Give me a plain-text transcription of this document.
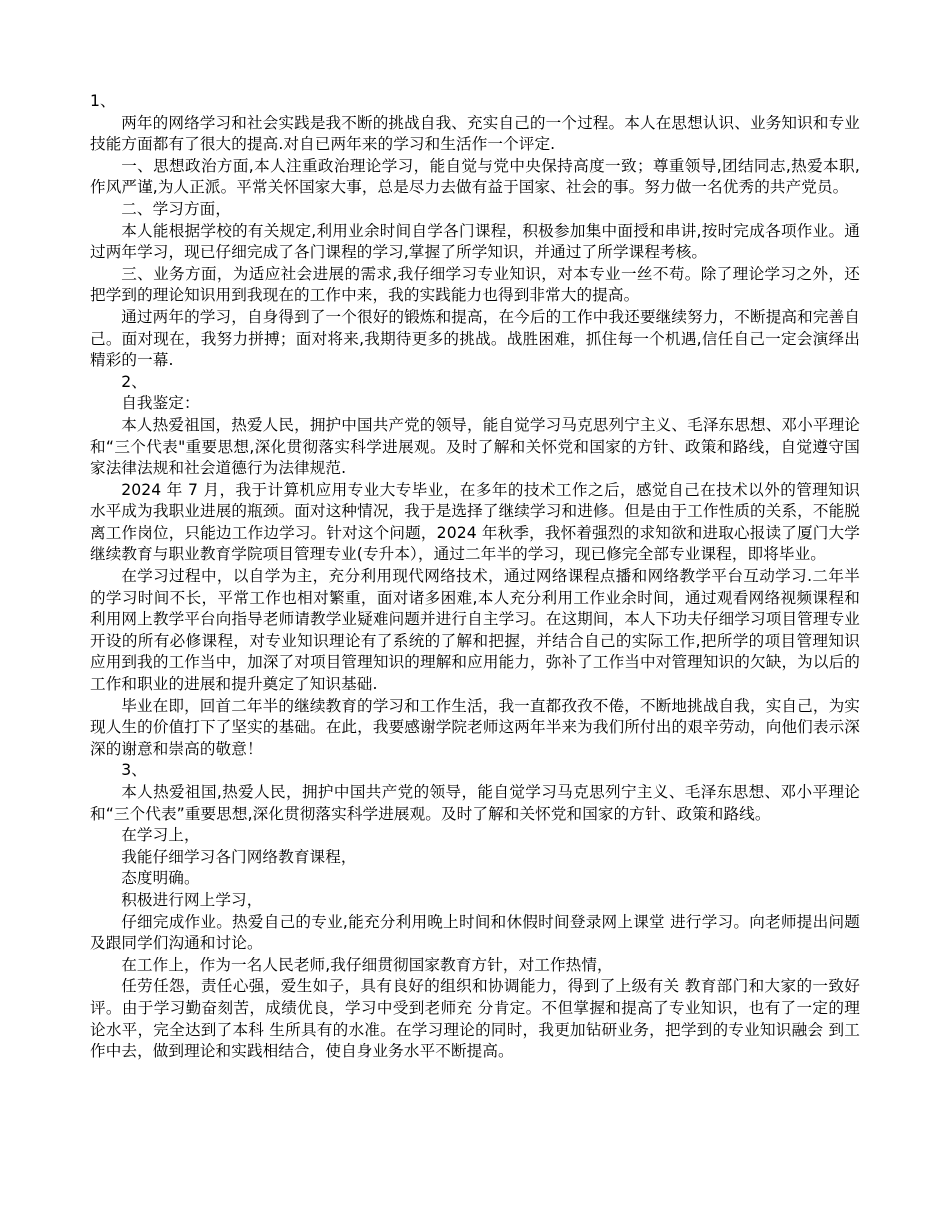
1、

两年的网络学习和社会实践是我不断的挑战自我、充实自己的一个过程。本人在思想认识、业务知识和专业技能方面都有了很大的提高.对自已两年来的学习和生活作一个评定.

一、思想政治方面,本人注重政治理论学习，能自觉与党中央保持高度一致；尊重领导,团结同志,热爱本职,作风严谨,为人正派。平常关怀国家大事，总是尽力去做有益于国家、社会的事。努力做一名优秀的共产党员。

二、学习方面，

本人能根据学校的有关规定,利用业余时间自学各门课程，积极参加集中面授和串讲,按时完成各项作业。通过两年学习，现已仔细完成了各门课程的学习,掌握了所学知识，并通过了所学课程考核。

三、业务方面，为适应社会进展的需求,我仔细学习专业知识，对本专业一丝不苟。除了理论学习之外，还把学到的理论知识用到我现在的工作中来，我的实践能力也得到非常大的提高。

通过两年的学习，自身得到了一个很好的锻炼和提高，在今后的工作中我还要继续努力，不断提高和完善自己。面对现在，我努力拼搏；面对将来,我期待更多的挑战。战胜困难，抓住每一个机遇,信任自己一定会演绎出精彩的一幕.

2、

自我鉴定：

本人热爱祖国，热爱人民，拥护中国共产党的领导，能自觉学习马克思列宁主义、毛泽东思想、邓小平理论和“三个代表"重要思想,深化贯彻落实科学进展观。及时了解和关怀党和国家的方针、政策和路线，自觉遵守国家法律法规和社会道德行为法律规范.

2024 年 7 月，我于计算机应用专业大专毕业，在多年的技术工作之后，感觉自己在技术以外的管理知识水平成为我职业进展的瓶颈。面对这种情况，我于是选择了继续学习和进修。但是由于工作性质的关系，不能脱离工作岗位，只能边工作边学习。针对这个问题，2024 年秋季，我怀着强烈的求知欲和进取心报读了厦门大学继续教育与职业教育学院项目管理专业(专升本），通过二年半的学习，现已修完全部专业课程，即将毕业。

在学习过程中，以自学为主，充分利用现代网络技术，通过网络课程点播和网络教学平台互动学习.二年半的学习时间不长，平常工作也相对繁重，面对诸多困难,本人充分利用工作业余时间，通过观看网络视频课程和利用网上教学平台向指导老师请教学业疑难问题并进行自主学习。在这期间，本人下功夫仔细学习项目管理专业开设的所有必修课程，对专业知识理论有了系统的了解和把握，并结合自己的实际工作,把所学的项目管理知识应用到我的工作当中，加深了对项目管理知识的理解和应用能力，弥补了工作当中对管理知识的欠缺，为以后的工作和职业的进展和提升奠定了知识基础.

毕业在即，回首二年半的继续教育的学习和工作生活，我一直都孜孜不倦，不断地挑战自我，实自己，为实现人生的价值打下了坚实的基础。在此，我要感谢学院老师这两年半来为我们所付出的艰辛劳动，向他们表示深深的谢意和崇高的敬意！

3、

本人热爱祖国,热爱人民，拥护中国共产党的领导，能自觉学习马克思列宁主义、毛泽东思想、邓小平理论和“三个代表”重要思想,深化贯彻落实科学进展观。及时了解和关怀党和国家的方针、政策和路线。

在学习上，

我能仔细学习各门网络教育课程，

态度明确。

积极进行网上学习，

仔细完成作业。热爱自己的专业,能充分利用晚上时间和休假时间登录网上课堂 进行学习。向老师提出问题及跟同学们沟通和讨论。

在工作上，作为一名人民老师,我仔细贯彻国家教育方针，对工作热情，

任劳任怨，责任心强，爱生如子，具有良好的组织和协调能力，得到了上级有关 教育部门和大家的一致好评。由于学习勤奋刻苦，成绩优良，学习中受到老师充 分肯定。不但掌握和提高了专业知识，也有了一定的理论水平，完全达到了本科 生所具有的水准。在学习理论的同时，我更加钻研业务，把学到的专业知识融会 到工作中去，做到理论和实践相结合，使自身业务水平不断提高。
